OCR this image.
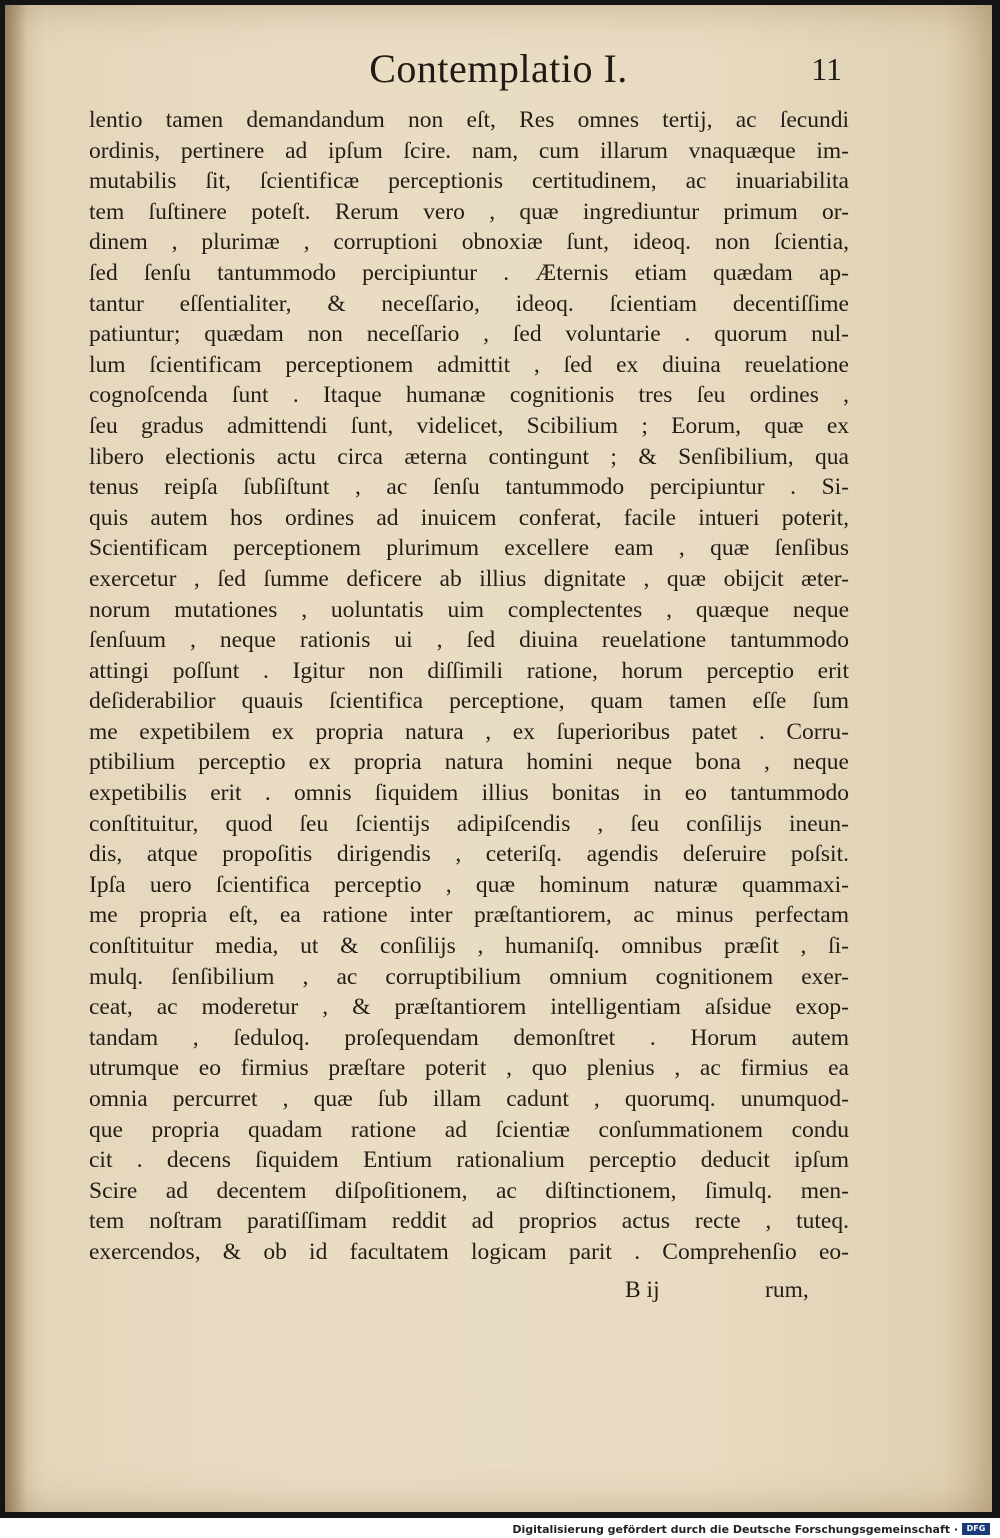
Contemplatio I.	11
lentio tamen demandandum non eſt, Res omnes tertij, ac ſecundi
ordinis, pertinere ad ipſum ſcire. nam, cum illarum vnaquæque im-
mutabilis ſit, ſcientificæ perceptionis certitudinem, ac inuariabilita
tem ſuſtinere poteſt. Rerum vero , quæ ingrediuntur primum or-
dinem , plurimæ , corruptioni obnoxiæ ſunt, ideoq. non ſcientia,
ſed ſenſu tantummodo percipiuntur . Æternis etiam quædam ap-
tantur eſſentialiter, & neceſſario, ideoq. ſcientiam decentiſſime
patiuntur; quædam non neceſſario , ſed voluntarie . quorum nul-
lum ſcientificam perceptionem admittit , ſed ex diuina reuelatione
cognoſcenda ſunt . Itaque humanæ cognitionis tres ſeu ordines ,
ſeu gradus admittendi ſunt, videlicet, Scibilium ; Eorum, quæ ex
libero electionis actu circa æterna contingunt ; & Senſibilium, qua
tenus reipſa ſubſiſtunt , ac ſenſu tantummodo percipiuntur . Si-
quis autem hos ordines ad inuicem conferat, facile intueri poterit,
Scientificam perceptionem plurimum excellere eam , quæ ſenſibus
exercetur , ſed ſumme deficere ab illius dignitate , quæ obijcit æter-
norum mutationes , uoluntatis uim complectentes , quæque neque
ſenſuum , neque rationis ui , ſed diuina reuelatione tantummodo
attingi poſſunt . Igitur non diſſimili ratione, horum perceptio erit
deſiderabilior quauis ſcientifica perceptione, quam tamen eſſe ſum
me expetibilem ex propria natura , ex ſuperioribus patet . Corru-
ptibilium perceptio ex propria natura homini neque bona , neque
expetibilis erit . omnis ſiquidem illius bonitas in eo tantummodo
conſtituitur, quod ſeu ſcientijs adipiſcendis , ſeu conſilijs ineun-
dis, atque propoſitis dirigendis , ceteriſq. agendis deſeruire poſsit.
Ipſa uero ſcientifica perceptio , quæ hominum naturæ quammaxi-
me propria eſt, ea ratione inter præſtantiorem, ac minus perfectam
conſtituitur media, ut & conſilijs , humaniſq. omnibus præſit , ſi-
mulq. ſenſibilium , ac corruptibilium omnium cognitionem exer-
ceat, ac moderetur , & præſtantiorem intelligentiam aſsidue exop-
tandam , ſeduloq. proſequendam demonſtret . Horum autem
utrumque eo firmius præſtare poterit , quo plenius , ac firmius ea
omnia percurret , quæ ſub illam cadunt , quorumq. unumquod-
que propria quadam ratione ad ſcientiæ conſummationem condu
cit . decens ſiquidem Entium rationalium perceptio deducit ipſum
Scire ad decentem diſpoſitionem, ac diſtinctionem, ſimulq. men-
tem noſtram paratiſſimam reddit ad proprios actus recte , tuteq.
exercendos, & ob id facultatem logicam parit . Comprehenſio eo-
B ij	rum,
Digitalisierung gefördert durch die Deutsche Forschungsgemeinschaft ·	DFG
